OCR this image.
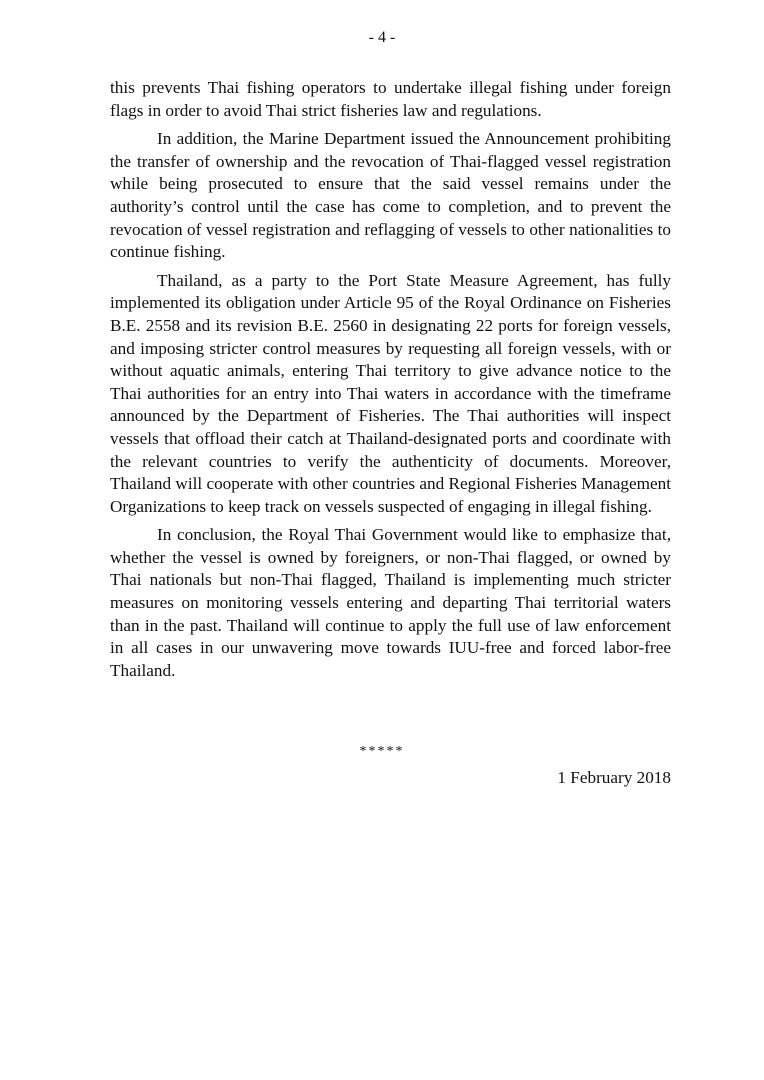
- 4 -

this prevents Thai fishing operators to undertake illegal fishing under foreign flags in order to avoid Thai strict fisheries law and regulations.

In addition, the Marine Department issued the Announcement prohibiting the transfer of ownership and the revocation of Thai-flagged vessel registration while being prosecuted to ensure that the said vessel remains under the authority’s control until the case has come to completion, and to prevent the revocation of vessel registration and reflagging of vessels to other nationalities to continue fishing.

Thailand, as a party to the Port State Measure Agreement, has fully implemented its obligation under Article 95 of the Royal Ordinance on Fisheries B.E. 2558 and its revision B.E. 2560 in designating 22 ports for foreign vessels, and imposing stricter control measures by requesting all foreign vessels, with or without aquatic animals, entering Thai territory to give advance notice to the Thai authorities for an entry into Thai waters in accordance with the timeframe announced by the Department of Fisheries. The Thai authorities will inspect vessels that offload their catch at Thailand-designated ports and coordinate with the relevant countries to verify the authenticity of documents. Moreover, Thailand will cooperate with other countries and Regional Fisheries Management Organizations to keep track on vessels suspected of engaging in illegal fishing.

In conclusion, the Royal Thai Government would like to emphasize that, whether the vessel is owned by foreigners, or non-Thai flagged, or owned by Thai nationals but non-Thai flagged, Thailand is implementing much stricter measures on monitoring vessels entering and departing Thai territorial waters than in the past. Thailand will continue to apply the full use of law enforcement in all cases in our unwavering move towards IUU-free and forced labor-free Thailand.

*****
1 February 2018
